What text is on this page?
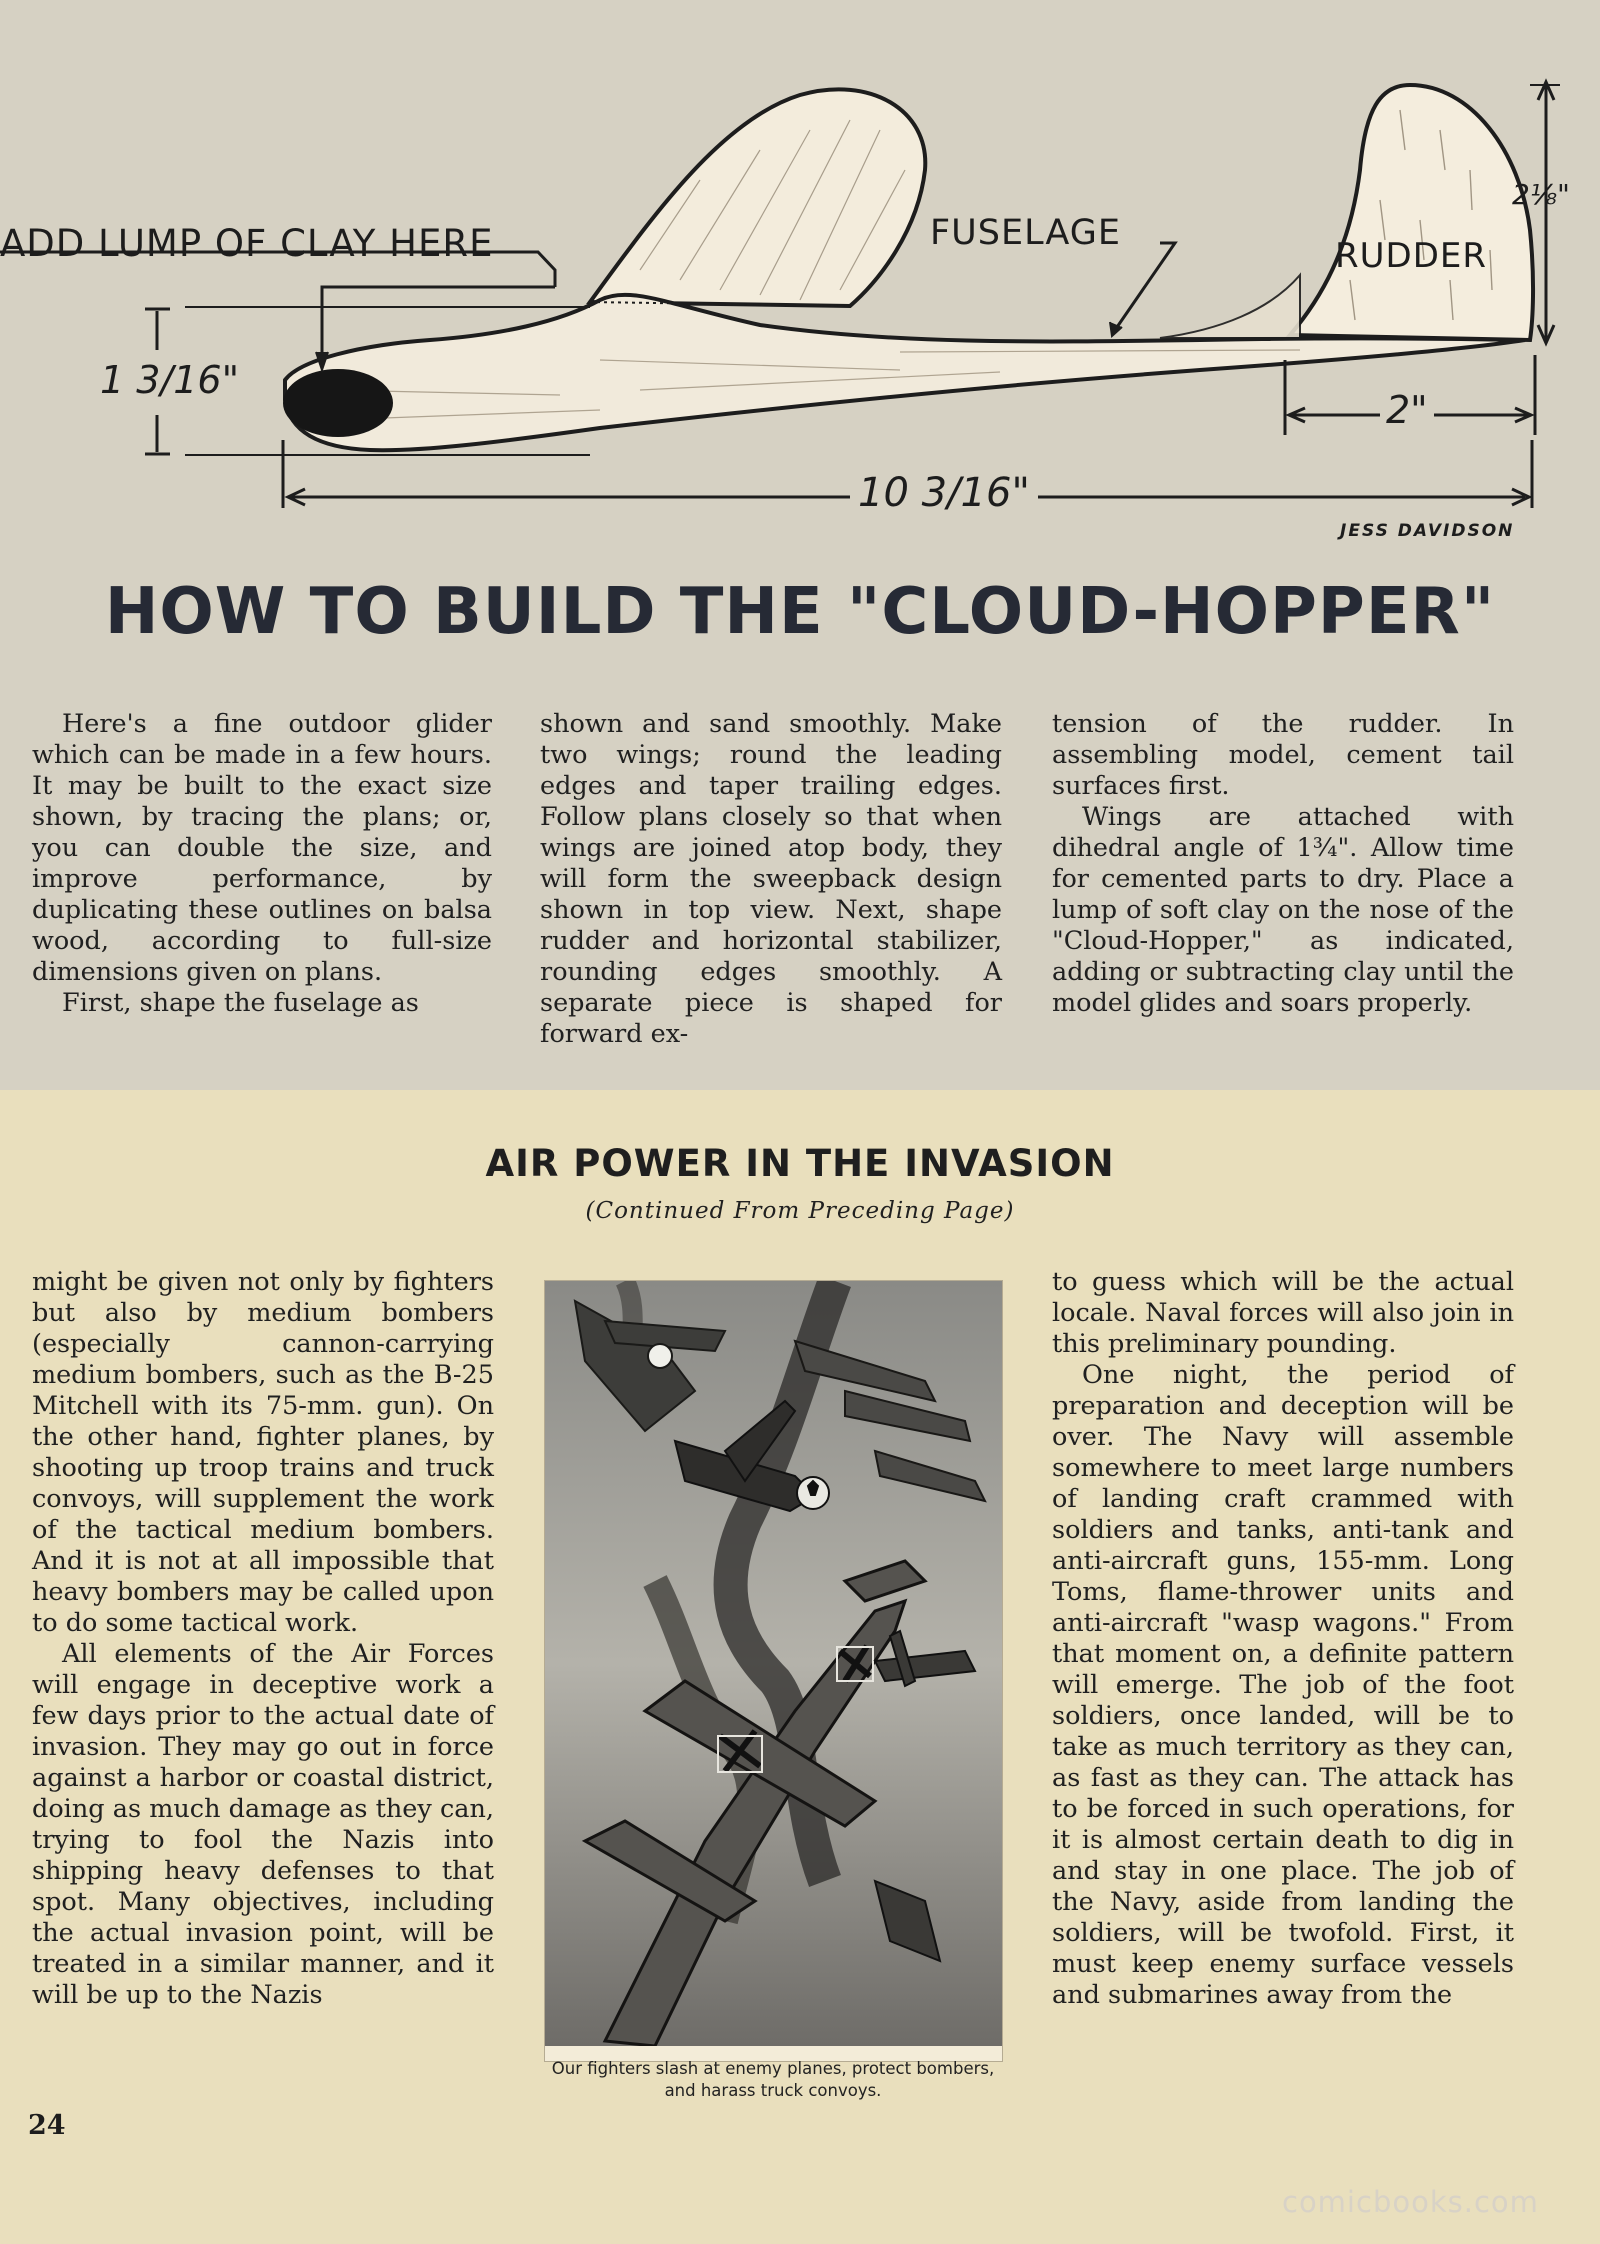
ADD LUMP OF CLAY HERE	FUSELAGE
RUDDER
2⅛"
1 3/16"
2"
10 3/16"
JESS DAVIDSON
HOW TO BUILD THE "CLOUD-HOPPER"

Here's a fine outdoor glider which can be made in a few hours. It may be built to the exact size shown, by tracing the plans; or, you can double the size, and improve performance, by duplicating these outlines on balsa wood, according to full-size dimensions given on plans.

First, shape the fuselage as

shown and sand smoothly. Make two wings; round the leading edges and taper trailing edges. Follow plans closely so that when wings are joined atop body, they will form the sweepback design shown in top view. Next, shape rudder and horizontal stabilizer, rounding edges smoothly. A separate piece is shaped for forward ex-

tension of the rudder. In assembling model, cement tail surfaces first.

Wings are attached with dihedral angle of 1¾". Allow time for cemented parts to dry. Place a lump of soft clay on the nose of the "Cloud-Hopper," as indicated, adding or subtracting clay until the model glides and soars properly.

AIR POWER IN THE INVASION
(Continued From Preceding Page)

might be given not only by fighters but also by medium bombers (especially cannon-carrying medium bombers, such as the B-25 Mitchell with its 75-mm. gun). On the other hand, fighter planes, by shooting up troop trains and truck convoys, will supplement the work of the tactical medium bombers. And it is not at all impossible that heavy bombers may be called upon to do some tactical work.

All elements of the Air Forces will engage in deceptive work a few days prior to the actual date of invasion. They may go out in force against a harbor or coastal district, doing as much damage as they can, trying to fool the Nazis into shipping heavy defenses to that spot. Many objectives, including the actual invasion point, will be treated in a similar manner, and it will be up to the Nazis

Our fighters slash at enemy planes, protect bombers, and harass truck convoys.

to guess which will be the actual locale. Naval forces will also join in this preliminary pounding.

One night, the period of preparation and deception will be over. The Navy will assemble somewhere to meet large numbers of landing craft crammed with soldiers and tanks, anti-tank and anti-aircraft guns, 155-mm. Long Toms, flame-thrower units and anti-aircraft "wasp wagons." From that moment on, a definite pattern will emerge. The job of the foot soldiers, once landed, will be to take as much territory as they can, as fast as they can. The attack has to be forced in such operations, for it is almost certain death to dig in and stay in one place. The job of the Navy, aside from landing the soldiers, will be twofold. First, it must keep enemy surface vessels and submarines away from the

24
comicbooks.com
